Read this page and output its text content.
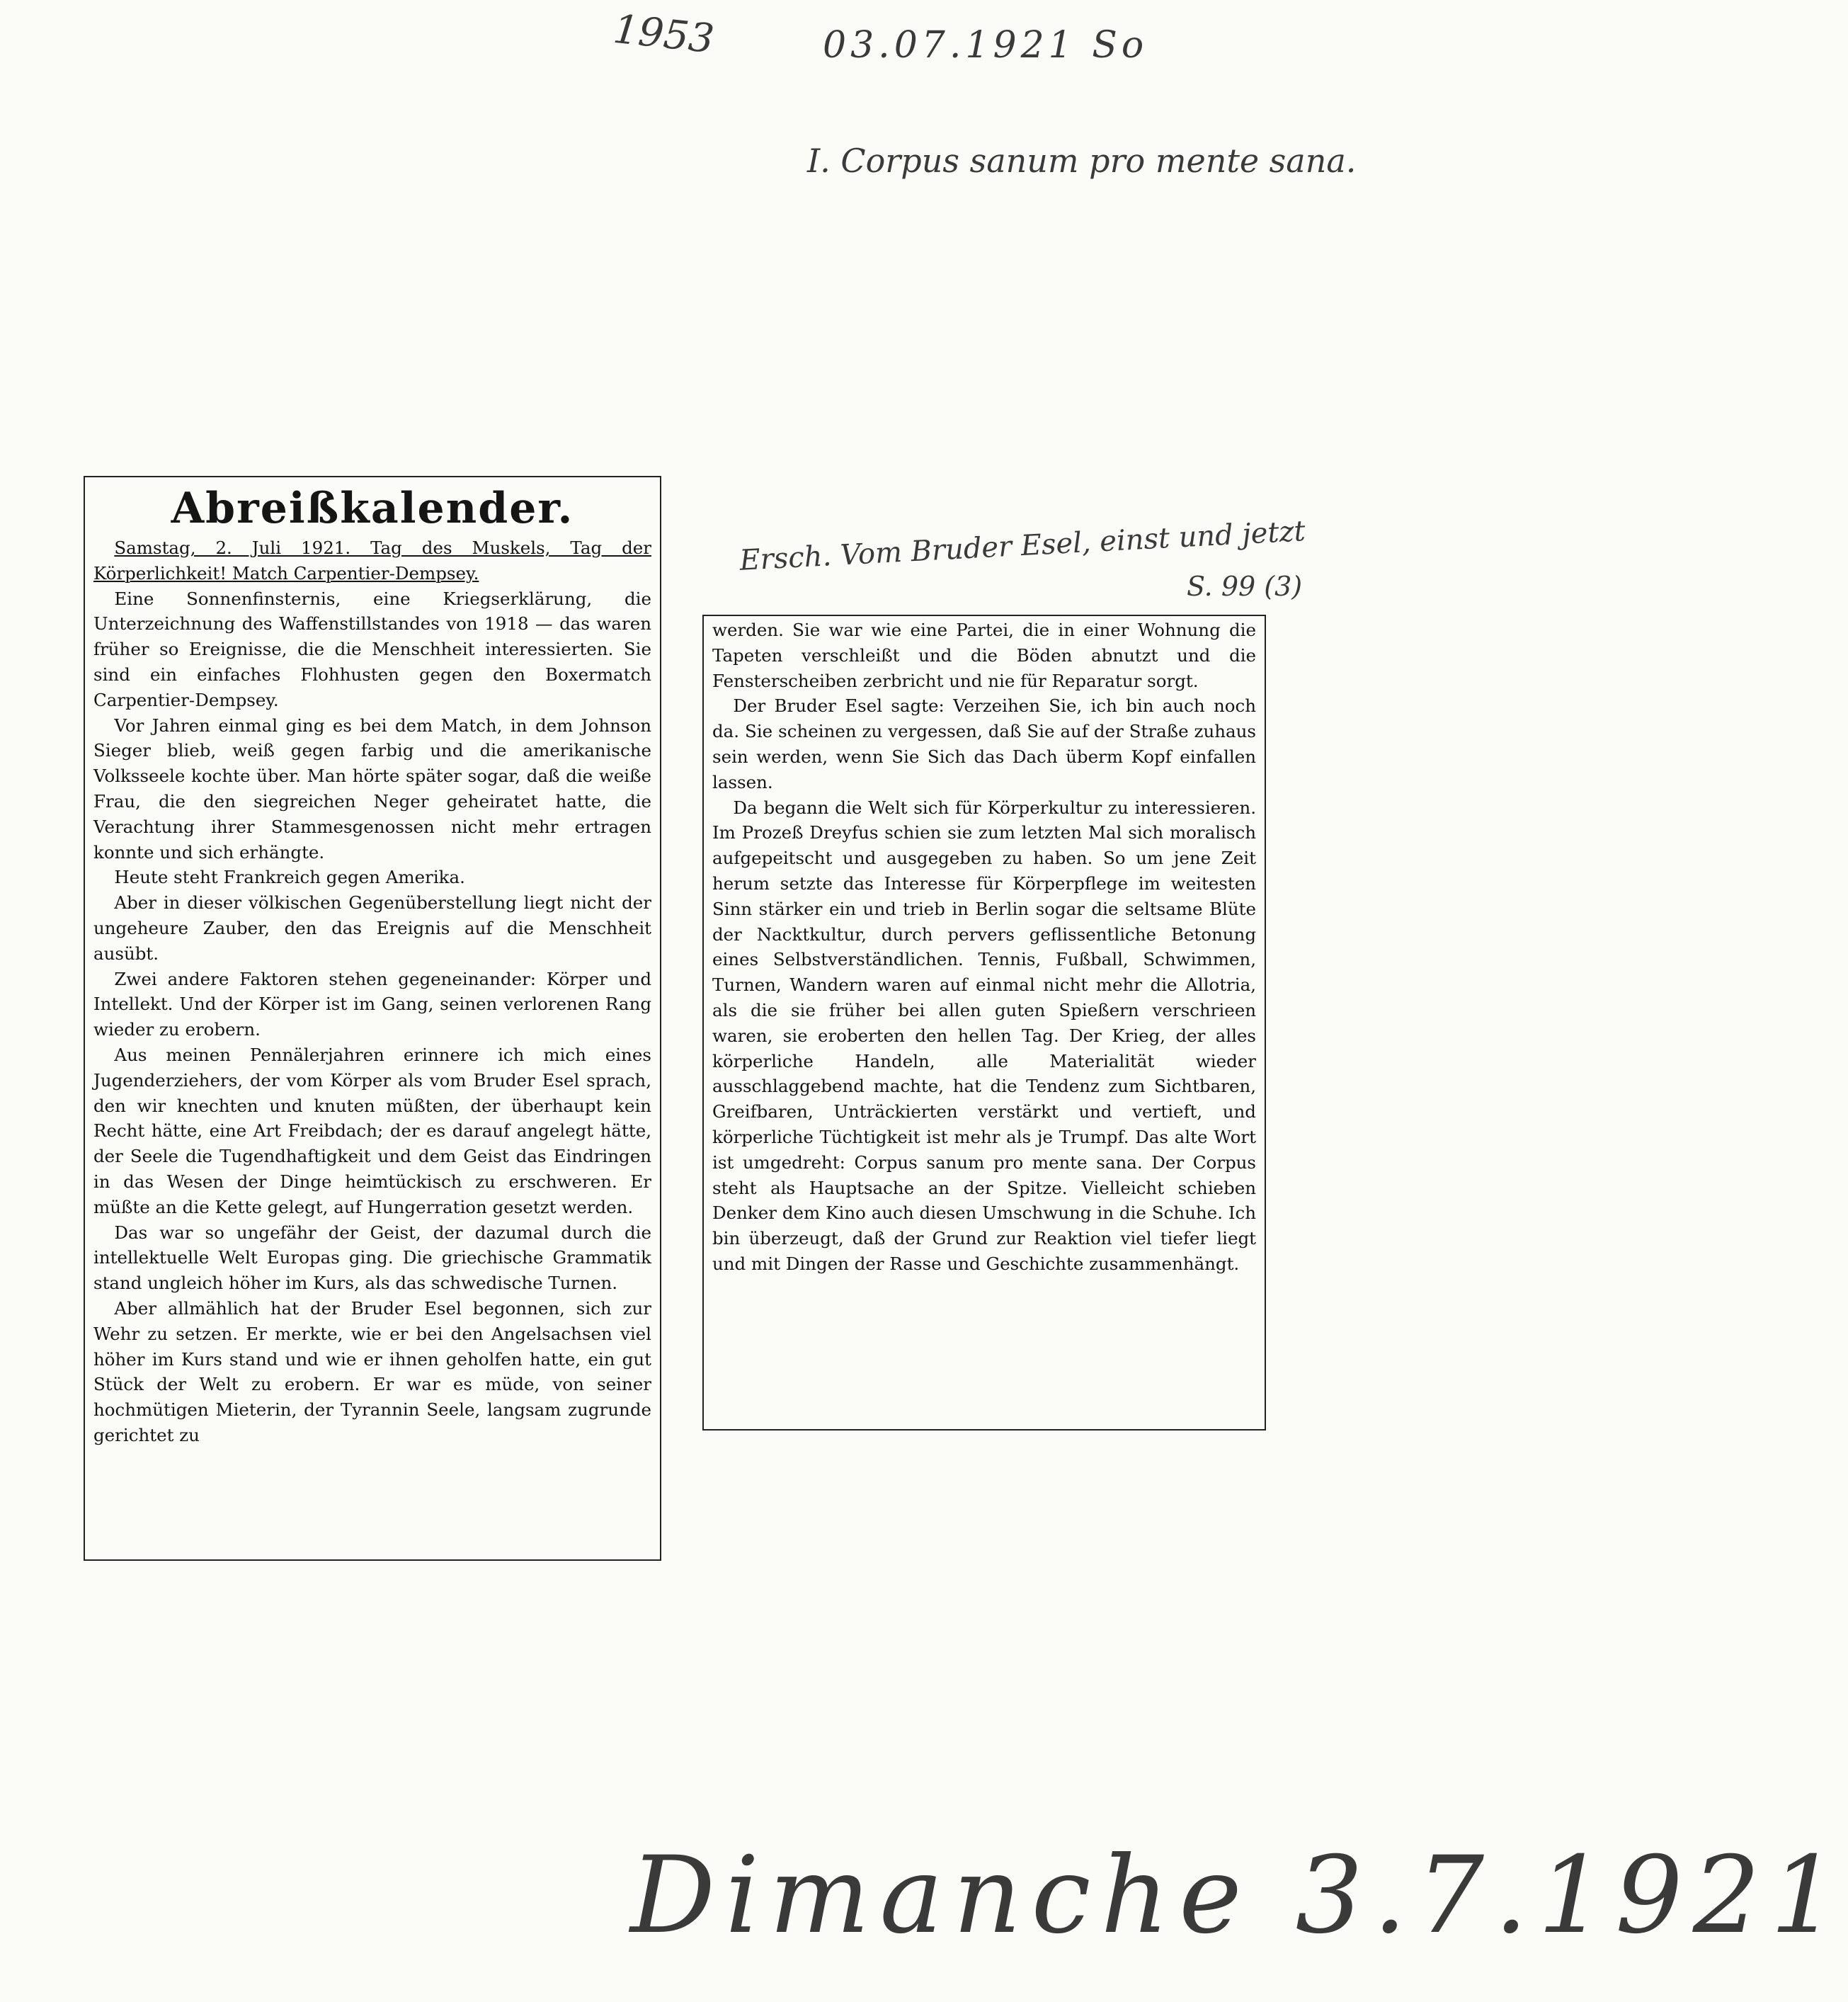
1953	03.07.1921 So
I. Corpus sanum pro mente sana.
Ersch. Vom Bruder Esel, einst und jetzt
S. 99 (3)

Abreißkalender.

Samstag, 2. Juli 1921. Tag des Muskels, Tag der Körperlichkeit! Match Carpentier-Dempsey.

Eine Sonnenfinsternis, eine Kriegserklärung, die Unterzeichnung des Waffenstillstandes von 1918 — das waren früher so Ereignisse, die die Menschheit interessierten. Sie sind ein einfaches Flohhusten gegen den Boxermatch Carpentier-Dempsey.

Vor Jahren einmal ging es bei dem Match, in dem Johnson Sieger blieb, weiß gegen farbig und die amerikanische Volksseele kochte über. Man hörte später sogar, daß die weiße Frau, die den siegreichen Neger geheiratet hatte, die Verachtung ihrer Stammesgenossen nicht mehr ertragen konnte und sich erhängte.

Heute steht Frankreich gegen Amerika.

Aber in dieser völkischen Gegenüberstellung liegt nicht der ungeheure Zauber, den das Ereignis auf die Menschheit ausübt.

Zwei andere Faktoren stehen gegeneinander: Körper und Intellekt. Und der Körper ist im Gang, seinen verlorenen Rang wieder zu erobern.

Aus meinen Pennälerjahren erinnere ich mich eines Jugenderziehers, der vom Körper als vom Bruder Esel sprach, den wir knechten und knuten müßten, der überhaupt kein Recht hätte, eine Art Freibdach; der es darauf angelegt hätte, der Seele die Tugendhaftigkeit und dem Geist das Eindringen in das Wesen der Dinge heimtückisch zu erschweren. Er müßte an die Kette gelegt, auf Hungerration gesetzt werden.

Das war so ungefähr der Geist, der dazumal durch die intellektuelle Welt Europas ging. Die griechische Grammatik stand ungleich höher im Kurs, als das schwedische Turnen.

Aber allmählich hat der Bruder Esel begonnen, sich zur Wehr zu setzen. Er merkte, wie er bei den Angelsachsen viel höher im Kurs stand und wie er ihnen geholfen hatte, ein gut Stück der Welt zu erobern. Er war es müde, von seiner hochmütigen Mieterin, der Tyrannin Seele, langsam zugrunde gerichtet zu

werden. Sie war wie eine Partei, die in einer Wohnung die Tapeten verschleißt und die Böden abnutzt und die Fensterscheiben zerbricht und nie für Reparatur sorgt.

Der Bruder Esel sagte: Verzeihen Sie, ich bin auch noch da. Sie scheinen zu vergessen, daß Sie auf der Straße zuhaus sein werden, wenn Sie Sich das Dach überm Kopf einfallen lassen.

Da begann die Welt sich für Körperkultur zu interessieren. Im Prozeß Dreyfus schien sie zum letzten Mal sich moralisch aufgepeitscht und ausgegeben zu haben. So um jene Zeit herum setzte das Interesse für Körperpflege im weitesten Sinn stärker ein und trieb in Berlin sogar die seltsame Blüte der Nacktkultur, durch pervers geflissentliche Betonung eines Selbstverständlichen. Tennis, Fußball, Schwimmen, Turnen, Wandern waren auf einmal nicht mehr die Allotria, als die sie früher bei allen guten Spießern verschrieen waren, sie eroberten den hellen Tag. Der Krieg, der alles körperliche Handeln, alle Materialität wieder ausschlaggebend machte, hat die Tendenz zum Sichtbaren, Greifbaren, Unträckierten verstärkt und vertieft, und körperliche Tüchtigkeit ist mehr als je Trumpf. Das alte Wort ist umgedreht: Corpus sanum pro mente sana. Der Corpus steht als Hauptsache an der Spitze. Vielleicht schieben Denker dem Kino auch diesen Umschwung in die Schuhe. Ich bin überzeugt, daß der Grund zur Reaktion viel tiefer liegt und mit Dingen der Rasse und Geschichte zusammenhängt.

Dimanche 3.7.1921
